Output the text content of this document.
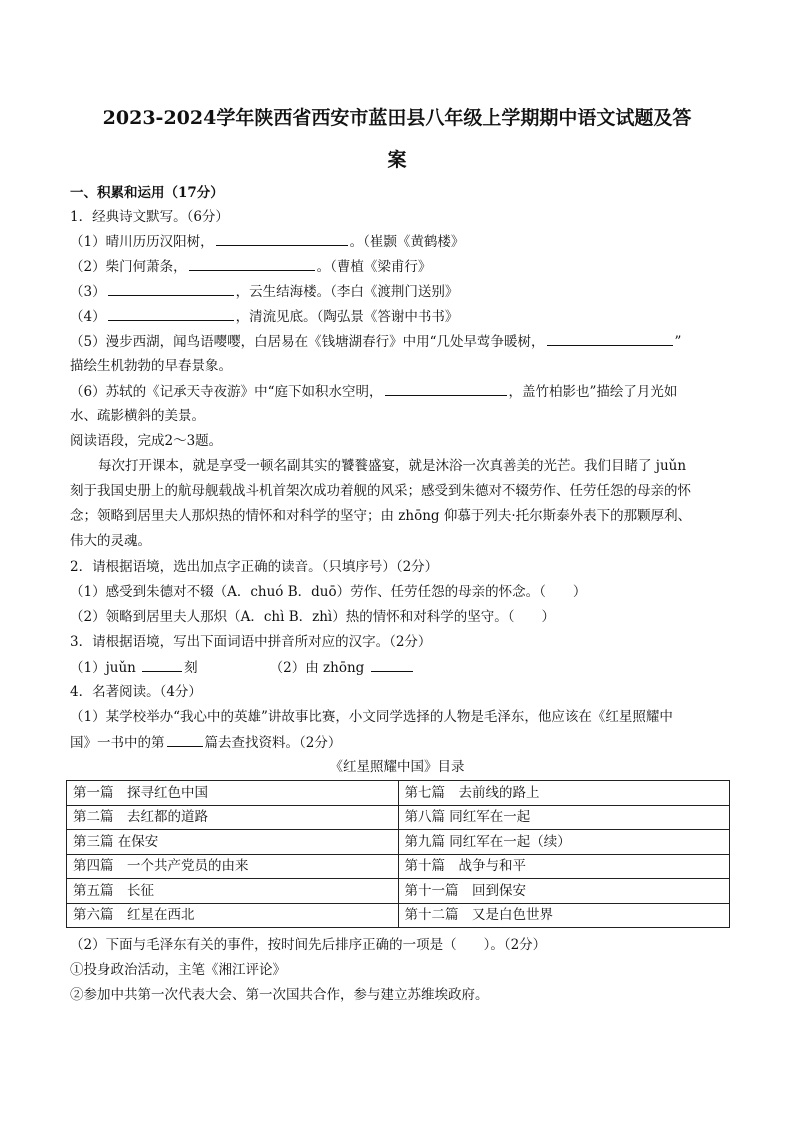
2023-2024学年陕西省西安市蓝田县八年级上学期期中语文试题及答
案
一、积累和运用（17分）
1．经典诗文默写。（6分）
（1）晴川历历汉阳树，	。（崔颢《黄鹤楼》
（2）柴门何萧条，	。（曹植《梁甫行》
（3）	，云生结海楼。（李白《渡荆门送别》
（4）	，清流见底。（陶弘景《答谢中书书》
（5）漫步西湖，闻鸟语嘤嘤，白居易在《钱塘湖春行》中用“几处早莺争暖树，	”
描绘生机勃勃的早春景象。
（6）苏轼的《记承天寺夜游》中“庭下如积水空明，	，盖竹柏影也”描绘了月光如
水、疏影横斜的美景。
阅读语段，完成2～3题。
每次打开课本，就是享受一顿名副其实的饕餮盛宴，就是沐浴一次真善美的光芒。我们目睹了 juǔn
刻于我国史册上的航母舰载战斗机首架次成功着舰的风采；感受到朱德对不辍劳作、任劳任怨的母亲的怀
念；领略到居里夫人那炽热的情怀和对科学的坚守；由 zhōng 仰慕于列夫·托尔斯泰外表下的那颗厚利、
伟大的灵魂。
2．请根据语境，选出加点字正确的读音。（只填序号）（2分）
（1）感受到朱德对不辍（A．chuó B．duō）劳作、任劳任怨的母亲的怀念。（　　）
（2）领略到居里夫人那炽（A．chì B．zhì）热的情怀和对科学的坚守。（　　）
3．请根据语境，写出下面词语中拼音所对应的汉字。（2分）
（1）juǔn	刻	（2）由 zhōng
4．名著阅读。（4分）
（1）某学校举办“我心中的英雄”讲故事比赛，小文同学选择的人物是毛泽东，他应该在《红星照耀中
国》一书中的第	篇去查找资料。（2分）
《红星照耀中国》目录
第一篇　探寻红色中国	第七篇　去前线的路上
第二篇　去红都的道路	第八篇 同红军在一起
第三篇 在保安	第九篇 同红军在一起（续）
第四篇　一个共产党员的由来	第十篇　战争与和平
第五篇　长征	第十一篇　回到保安
第六篇　红星在西北	第十二篇　又是白色世界
（2）下面与毛泽东有关的事件，按时间先后排序正确的一项是（　　）。（2分）
①投身政治活动，主笔《湘江评论》
②参加中共第一次代表大会、第一次国共合作，参与建立苏维埃政府。
